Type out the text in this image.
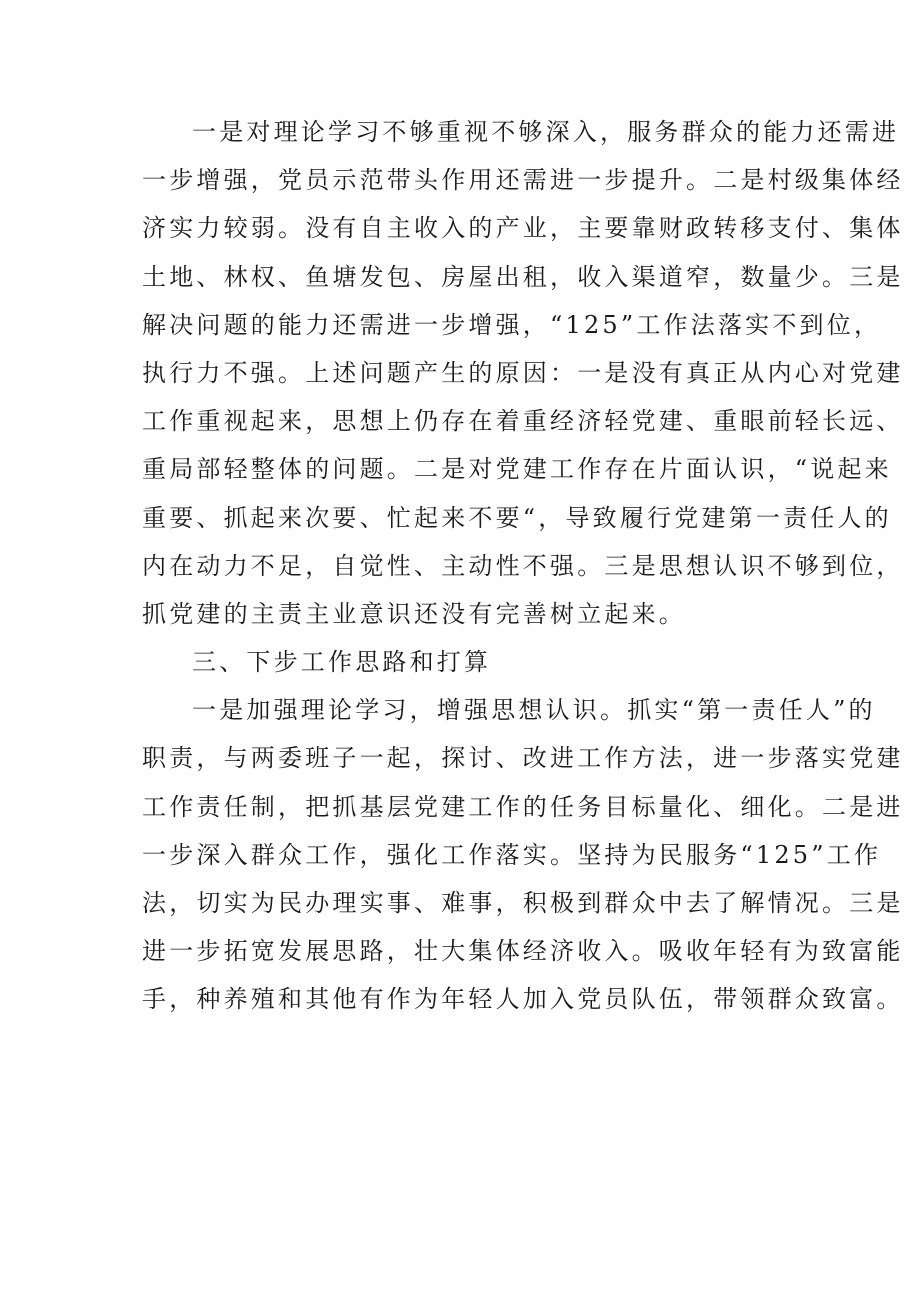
一是对理论学习不够重视不够深入，服务群众的能力还需进
一步增强，党员示范带头作用还需进一步提升。二是村级集体经
济实力较弱。没有自主收入的产业，主要靠财政转移支付、集体
土地、林权、鱼塘发包、房屋出租，收入渠道窄，数量少。三是
解决问题的能力还需进一步增强，“125”工作法落实不到位，
执行力不强。上述问题产生的原因：一是没有真正从内心对党建
工作重视起来，思想上仍存在着重经济轻党建、重眼前轻长远、
重局部轻整体的问题。二是对党建工作存在片面认识，“说起来
重要、抓起来次要、忙起来不要“，导致履行党建第一责任人的
内在动力不足，自觉性、主动性不强。三是思想认识不够到位，
抓党建的主责主业意识还没有完善树立起来。
三、下步工作思路和打算
一是加强理论学习，增强思想认识。抓实“第一责任人”的
职责，与两委班子一起，探讨、改进工作方法，进一步落实党建
工作责任制，把抓基层党建工作的任务目标量化、细化。二是进
一步深入群众工作，强化工作落实。坚持为民服务“125”工作
法，切实为民办理实事、难事，积极到群众中去了解情况。三是
进一步拓宽发展思路，壮大集体经济收入。吸收年轻有为致富能
手，种养殖和其他有作为年轻人加入党员队伍，带领群众致富。
